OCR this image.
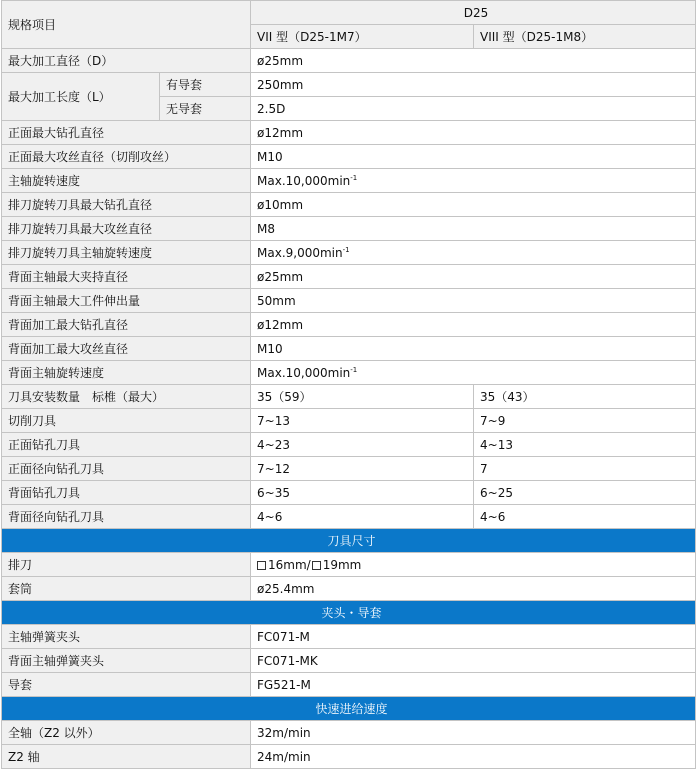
规格项目		D25	
		VII 型（D25-1M7）	VIII 型（D25-1M8）
最大加工直径（D）		ø25mm	
最大加工长度（L）	有导套	250mm	
	无导套	2.5D	
正面最大钻孔直径		ø12mm	
正面最大攻丝直径（切削攻丝）		M10	
主轴旋转速度		$Max.10,000\min^{-1}$
排刀旋转刀具最大钻孔直径		ø10mm	
排刀旋转刀具最大攻丝直径		M8	
排刀旋转刀具主轴旋转速度		$Max.9,000\min^{-1}$
背面主轴最大夹持直径		ø25mm	
背面主轴最大工件伸出量		50mm	
背面加工最大钻孔直径		ø12mm	
背面加工最大攻丝直径		M10	
背面主轴旋转速度		$Max.10,000\min^{-1}$
刀具安装数量　标椎（最大）		35（59）	35（43）
切削刀具		7~13	7~9
正面钻孔刀具		4~23	4~13
正面径向钻孔刀具		7~12	7
背面钻孔刀具		6~35	6~25
背面径向钻孔刀具		4~6	4~6
刀具尺寸			
排刀		16mm/ 19mm	
套筒		ø25.4mm	
夹头・导套			
主轴弹簧夹头		FC071-M	
背面主轴弹簧夹头		FC071-MK	
导套		FG521-M	
快速进给速度			
全轴（Z2 以外）		32m/min	
Z2 轴		24m/min	
